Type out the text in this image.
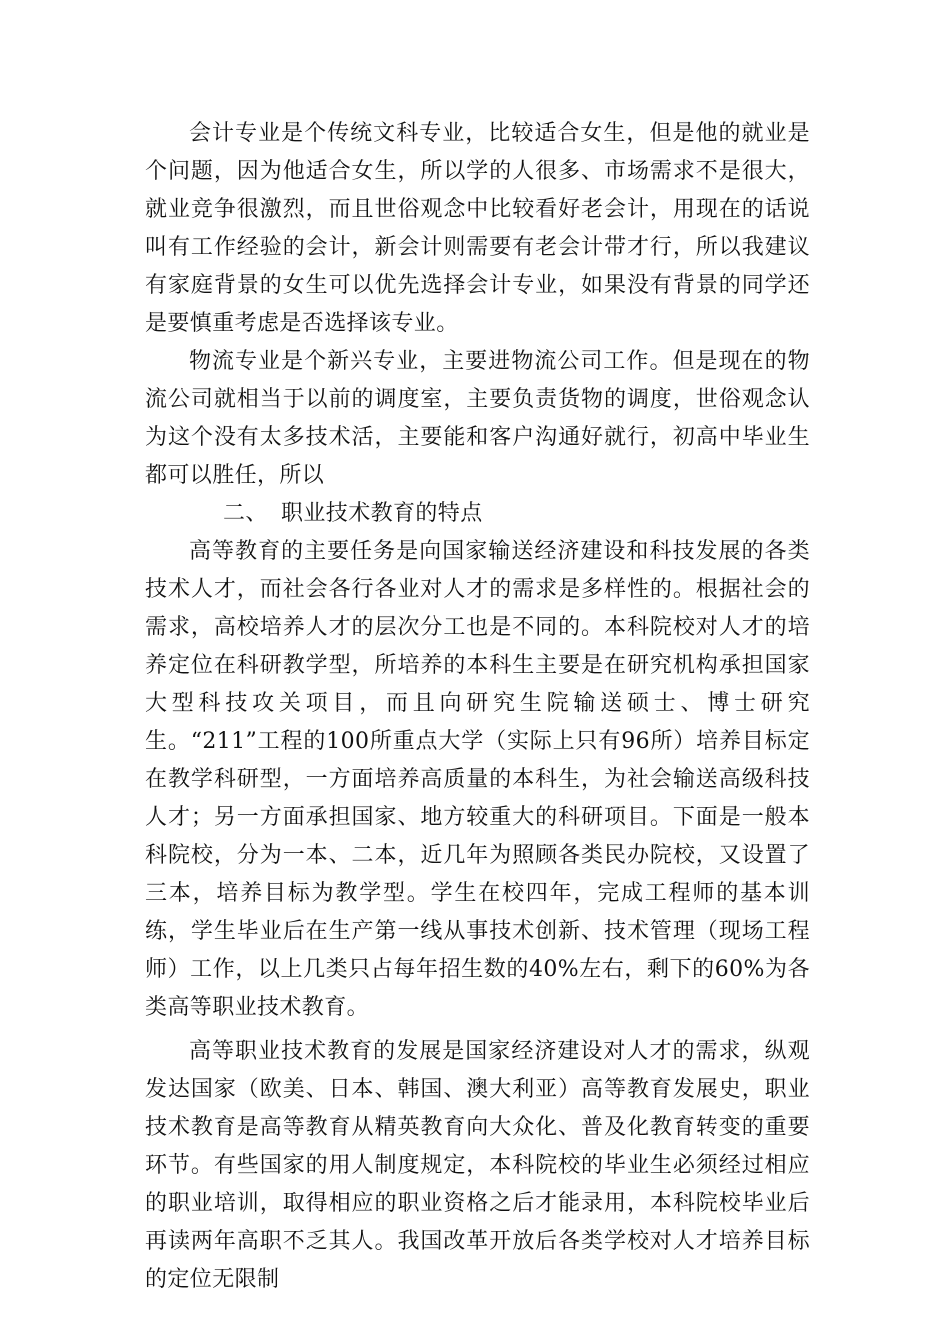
会计专业是个传统文科专业，比较适合女生，但是他的就业是个问题，因为他适合女生，所以学的人很多、市场需求不是很大，就业竞争很激烈，而且世俗观念中比较看好老会计，用现在的话说叫有工作经验的会计，新会计则需要有老会计带才行，所以我建议有家庭背景的女生可以优先选择会计专业，如果没有背景的同学还是要慎重考虑是否选择该专业。

物流专业是个新兴专业，主要进物流公司工作。但是现在的物流公司就相当于以前的调度室，主要负责货物的调度，世俗观念认为这个没有太多技术活，主要能和客户沟通好就行，初高中毕业生都可以胜任，所以

二、 职业技术教育的特点

高等教育的主要任务是向国家输送经济建设和科技发展的各类技术人才，而社会各行各业对人才的需求是多样性的。根据社会的需求，高校培养人才的层次分工也是不同的。本科院校对人才的培养定位在科研教学型，所培养的本科生主要是在研究机构承担国家大型科技攻关项目，而且向研究生院输送硕士、博士研究生。“211”工程的100所重点大学（实际上只有96所）培养目标定在教学科研型，一方面培养高质量的本科生，为社会输送高级科技人才；另一方面承担国家、地方较重大的科研项目。下面是一般本科院校，分为一本、二本，近几年为照顾各类民办院校，又设置了三本，培养目标为教学型。学生在校四年，完成工程师的基本训练，学生毕业后在生产第一线从事技术创新、技术管理（现场工程师）工作，以上几类只占每年招生数的40%左右，剩下的60%为各类高等职业技术教育。

高等职业技术教育的发展是国家经济建设对人才的需求，纵观发达国家（欧美、日本、韩国、澳大利亚）高等教育发展史，职业技术教育是高等教育从精英教育向大众化、普及化教育转变的重要环节。有些国家的用人制度规定，本科院校的毕业生必须经过相应的职业培训，取得相应的职业资格之后才能录用，本科院校毕业后再读两年高职不乏其人。我国改革开放后各类学校对人才培养目标的定位无限制
